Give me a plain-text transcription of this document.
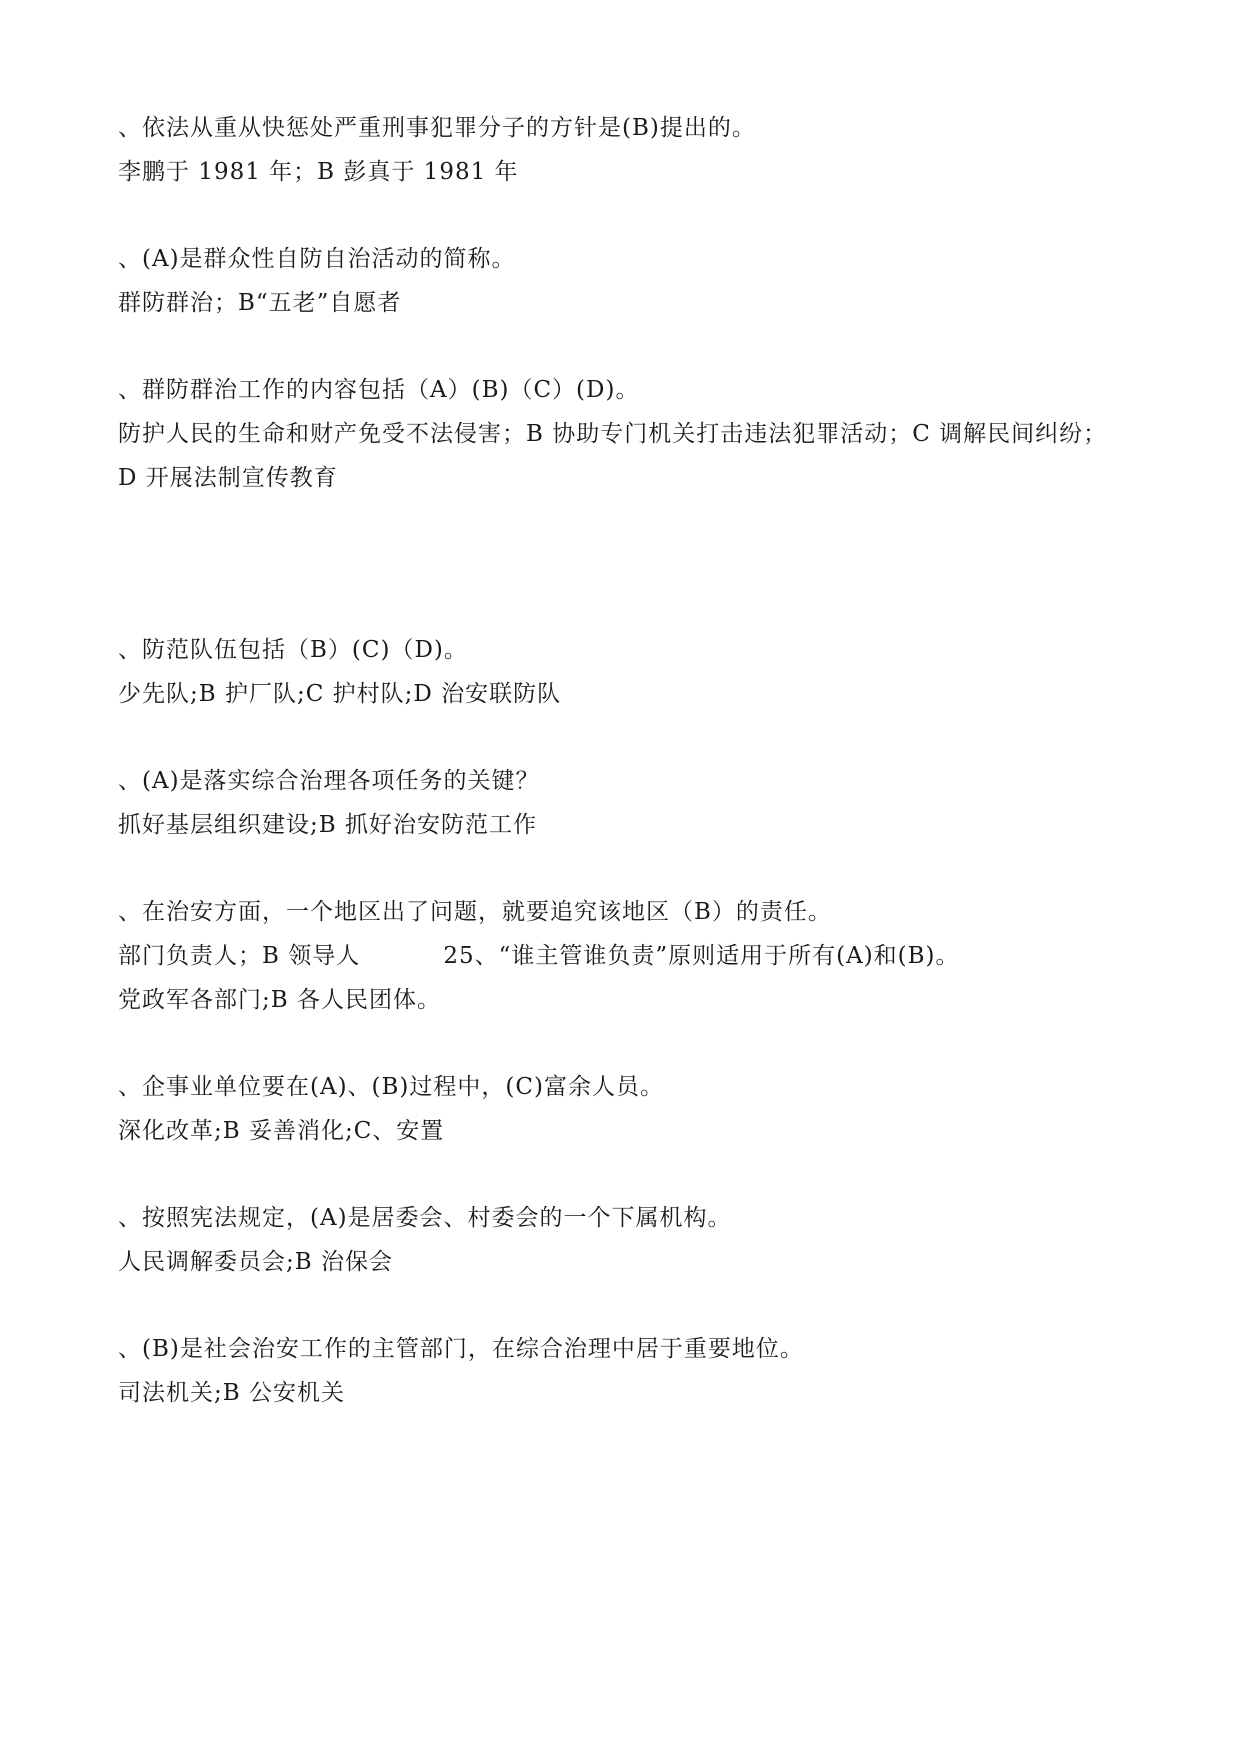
、依法从重从快惩处严重刑事犯罪分子的方针是(B)提出的。
李鹏于 1981 年；B 彭真于 1981 年
、(A)是群众性自防自治活动的简称。
群防群治；B“五老”自愿者
、群防群治工作的内容包括（A）(B)（C）(D)。
防护人民的生命和财产免受不法侵害；B 协助专门机关打击违法犯罪活动；C 调解民间纠纷；
D 开展法制宣传教育
、防范队伍包括（B）(C)（D)。
少先队;B 护厂队;C 护村队;D 治安联防队
、(A)是落实综合治理各项任务的关键？
抓好基层组织建设;B 抓好治安防范工作
、在治安方面，一个地区出了问题，就要追究该地区（B）的责任。
部门负责人；B 领导人          25、“谁主管谁负责”原则适用于所有(A)和(B)。
党政军各部门;B 各人民团体。
、企事业单位要在(A)、(B)过程中，(C)富余人员。
深化改革;B 妥善消化;C、安置
、按照宪法规定，(A)是居委会、村委会的一个下属机构。
人民调解委员会;B 治保会
、(B)是社会治安工作的主管部门，在综合治理中居于重要地位。
司法机关;B 公安机关
